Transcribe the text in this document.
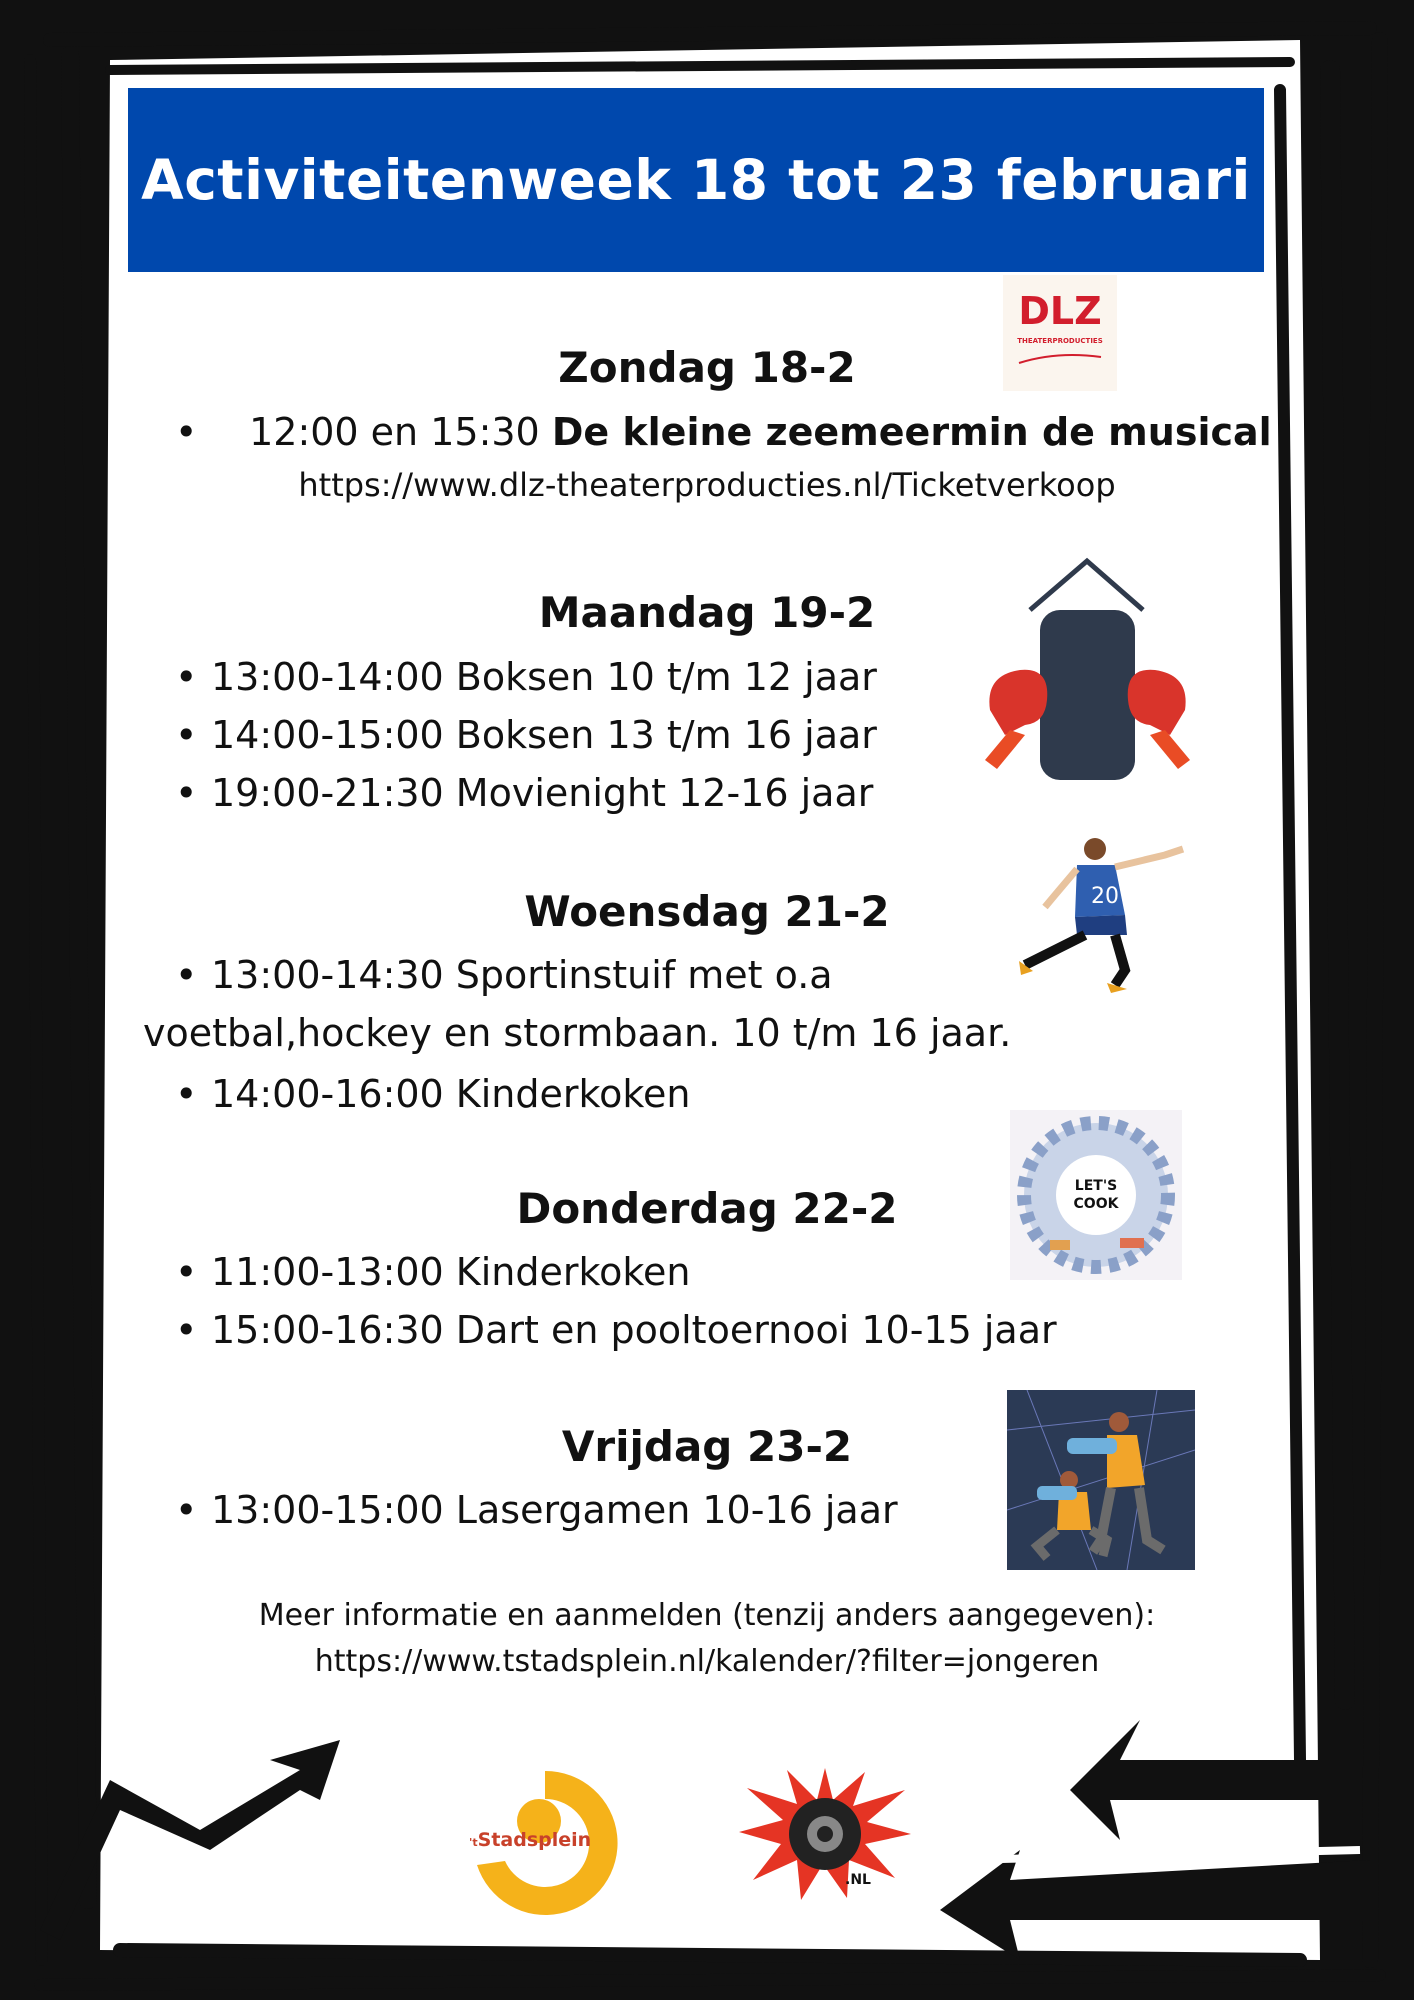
Activiteitenweek 18 tot 23 februari
DLZ
THEATERPRODUCTIES
Zondag 18-2
• 12:00 en 15:30 De kleine zeemeermin de musical
https://www.dlz-theaterproducties.nl/Ticketverkoop
Maandag 19-2
• 13:00-14:00 Boksen 10 t/m 12 jaar
• 14:00-15:00 Boksen 13 t/m 16 jaar
• 19:00-21:30 Movienight 12-16 jaar
20
Woensdag 21-2
• 13:00-14:30 Sportinstuif met o.a
voetbal,hockey en stormbaan. 10 t/m 16 jaar.
• 14:00-16:00 Kinderkoken
LET'S
COOK
Donderdag 22-2
• 11:00-13:00 Kinderkoken
• 15:00-16:30 Dart en pooltoernooi 10-15 jaar
Vrijdag 23-2
• 13:00-15:00 Lasergamen 10-16 jaar
Meer informatie en aanmelden (tenzij anders aangegeven):
https://www.tstadsplein.nl/kalender/?filter=jongeren
'tStadsplein
.NL
